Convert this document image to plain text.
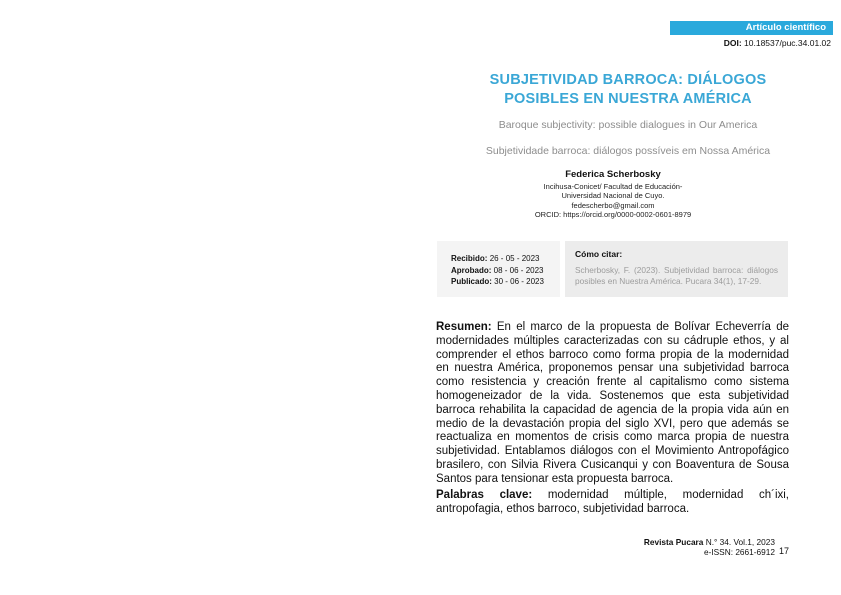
Artículo científico
DOI: 10.18537/puc.34.01.02
SUBJETIVIDAD BARROCA: DIÁLOGOS
POSIBLES EN NUESTRA AMÉRICA
Baroque subjectivity: possible dialogues in Our America
Subjetividade barroca: diálogos possíveis em Nossa América
Federica Scherbosky
Incihusa-Conicet/ Facultad de Educación-
Universidad Nacional de Cuyo.
fedescherbo@gmail.com
ORCID: https://orcid.org/0000-0002-0601-8979
Recibido: 26 - 05 - 2023
Aprobado: 08 - 06 - 2023
Publicado: 30 - 06 - 2023
Cómo citar:
Scherbosky, F. (2023). Subjetividad barroca: diálogos posibles en Nuestra América. Pucara 34(1), 17-29.

Resumen: En el marco de la propuesta de Bolívar Echeverría de modernidades múltiples caracterizadas con su cádruple ethos, y al comprender el ethos barroco como forma propia de la modernidad en nuestra América, proponemos pensar una subjetividad barroca como resistencia y creación frente al capitalismo como sistema homogeneizador de la vida. Sostenemos que esta subjetividad barroca rehabilita la capacidad de agencia de la propia vida aún en medio de la devastación propia del siglo XVI, pero que además se reactualiza en momentos de crisis como marca propia de nuestra subjetividad. Entablamos diálogos con el Movimiento Antropofágico brasilero, con Silvia Rivera Cusicanqui y con Boaventura de Sousa Santos para tensionar esta propuesta barroca.

Palabras clave: modernidad múltiple, modernidad ch´ixi, antropofagia, ethos barroco, subjetividad barroca.

Revista Pucara N.° 34. Vol.1, 2023
e-ISSN: 2661-6912 17
